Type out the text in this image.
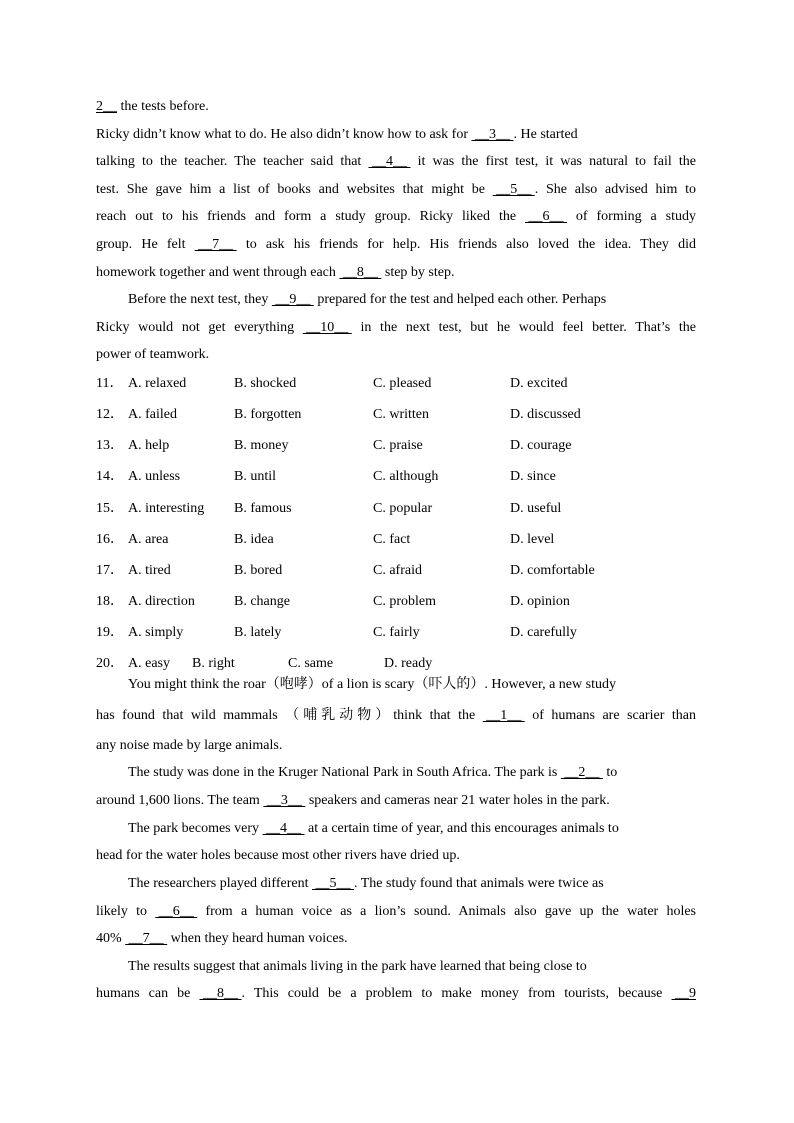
2__ the tests before.
Ricky didn’t know what to do. He also didn’t know how to ask for  __3__ . He started
talking to the teacher. The teacher said that  __4__  it was the first test, it was natural to fail the
test. She gave him a list of books and websites that might be  __5__ . She also advised him to
reach out to his friends and form a study group. Ricky liked the  __6__  of forming a study
group. He felt  __7__  to ask his friends for help. His friends also loved the idea. They did
homework together and went through each  __8__  step by step.
Before the next test, they  __9__  prepared for the test and helped each other. Perhaps
Ricky would not get everything  __10__  in the next test, but he would feel better. That’s the
power of teamwork.
11． A. relaxed	B. shocked	C. pleased	D. excited
12． A. failed	B. forgotten	C. written	D. discussed
13． A. help	B. money	C. praise	D. courage
14． A. unless	B. until	C. although	D. since
15． A. interesting B. famous	C. popular	D. useful
16． A. area	B. idea	C. fact	D. level
17． A. tired	B. bored	C. afraid	D. comfortable
18． A. direction	B. change	C. problem	D. opinion
19． A. simply	B. lately	C. fairly	D. carefully
20． A. easy B. right	C. same	D. ready
You might think the roar（咆哮）of a lion is scary（吓人的）. However, a new study
has found that wild mammals （哺乳动物）think that the  __1__  of humans are scarier than
any noise made by large animals.
The study was done in the Kruger National Park in South Africa. The park is  __2__  to
around 1,600 lions. The team  __3__  speakers and cameras near 21 water holes in the park.
The park becomes very  __4__  at a certain time of year, and this encourages animals to
head for the water holes because most other rivers have dried up.
The researchers played different  __5__ . The study found that animals were twice as
likely to  __6__  from a human voice as a lion’s sound. Animals also gave up the water holes
40%  __7__  when they heard human voices.
The results suggest that animals living in the park have learned that being close to
humans can be  __8__ . This could be a problem to make money from tourists, because  __9
